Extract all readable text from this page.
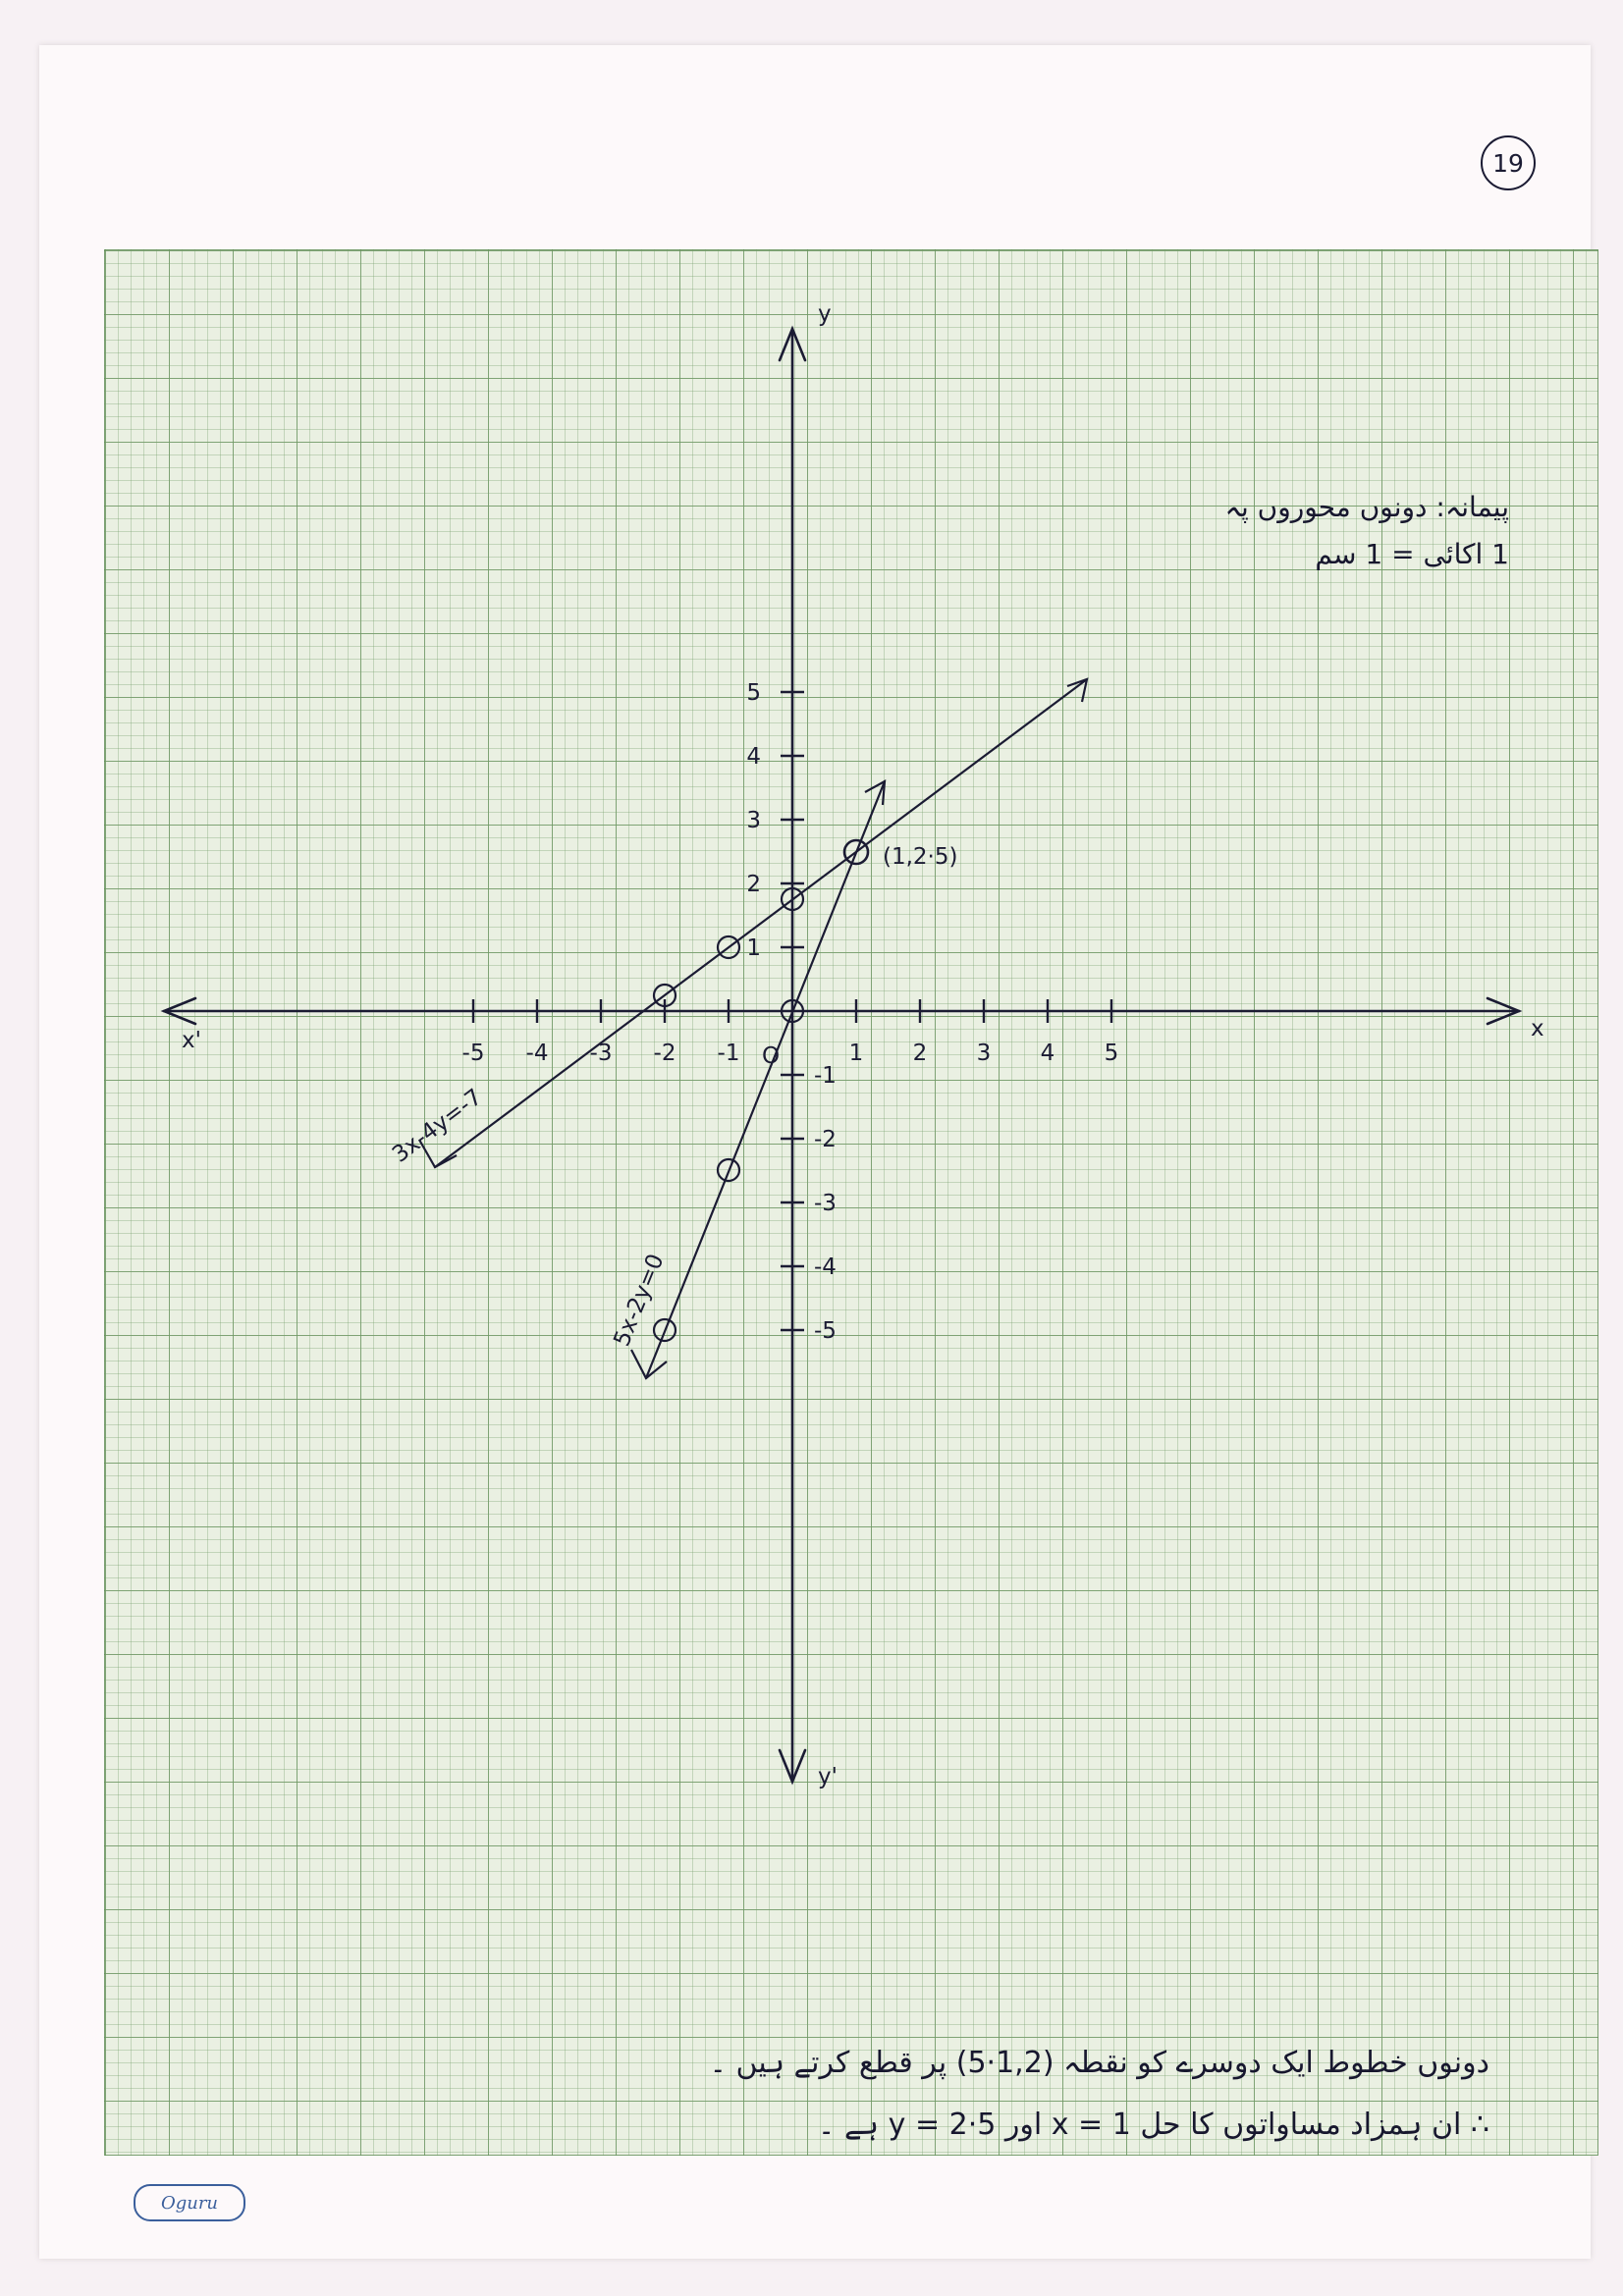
19
-5 -4 -3 -2 -1 O	1 2 3 4 5
1
2
3
4
5
-1
-2
-3
-4
-5
x
x'
y
y'
3x-4y=-7
5x-2y=0
(1,2·5)
پیمانہ: دونوں محوروں پہ
1 اکائی = 1 سم
دونوں خطوط ایک دوسرے کو نقطہ (1,2·5) پر قطع کرتے ہیں ۔
∴ ان ہمزاد مساواتوں کا حل x = 1 اور y = 2·5 ہے ۔
Oguru
